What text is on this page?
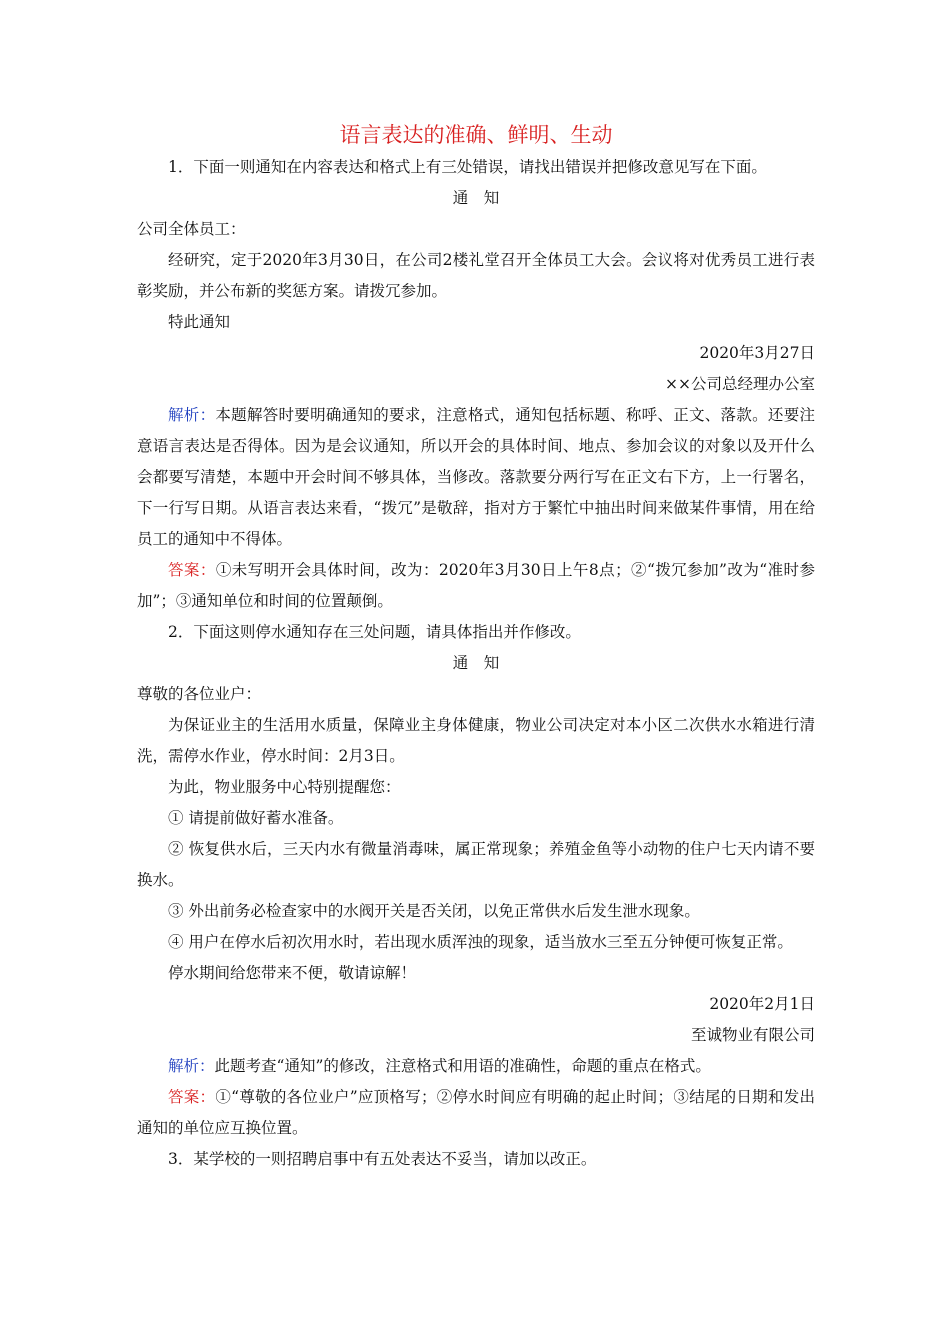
语言表达的准确、鲜明、生动

1．下面一则通知在内容表达和格式上有三处错误，请找出错误并把修改意见写在下面。

通　知

公司全体员工：

经研究，定于2020年3月30日，在公司2楼礼堂召开全体员工大会。会议将对优秀员工进行表彰奖励，并公布新的奖惩方案。请拨冗参加。

特此通知

2020年3月27日

××公司总经理办公室

解析：本题解答时要明确通知的要求，注意格式，通知包括标题、称呼、正文、落款。还要注意语言表达是否得体。因为是会议通知，所以开会的具体时间、地点、参加会议的对象以及开什么会都要写清楚，本题中开会时间不够具体，当修改。落款要分两行写在正文右下方，上一行署名，下一行写日期。从语言表达来看，“拨冗”是敬辞，指对方于繁忙中抽出时间来做某件事情，用在给员工的通知中不得体。

答案：①未写明开会具体时间，改为：2020年3月30日上午8点；②“拨冗参加”改为“准时参加”；③通知单位和时间的位置颠倒。

2．下面这则停水通知存在三处问题，请具体指出并作修改。

通　知

尊敬的各位业户：

为保证业主的生活用水质量，保障业主身体健康，物业公司决定对本小区二次供水水箱进行清洗，需停水作业，停水时间：2月3日。

为此，物业服务中心特别提醒您：

① 请提前做好蓄水准备。

② 恢复供水后，三天内水有微量消毒味，属正常现象；养殖金鱼等小动物的住户七天内请不要换水。

③ 外出前务必检查家中的水阀开关是否关闭，以免正常供水后发生泄水现象。

④ 用户在停水后初次用水时，若出现水质浑浊的现象，适当放水三至五分钟便可恢复正常。

停水期间给您带来不便，敬请谅解！

2020年2月1日

至诚物业有限公司

解析：此题考查“通知”的修改，注意格式和用语的准确性，命题的重点在格式。

答案：①“尊敬的各位业户”应顶格写；②停水时间应有明确的起止时间；③结尾的日期和发出通知的单位应互换位置。

3．某学校的一则招聘启事中有五处表达不妥当，请加以改正。
